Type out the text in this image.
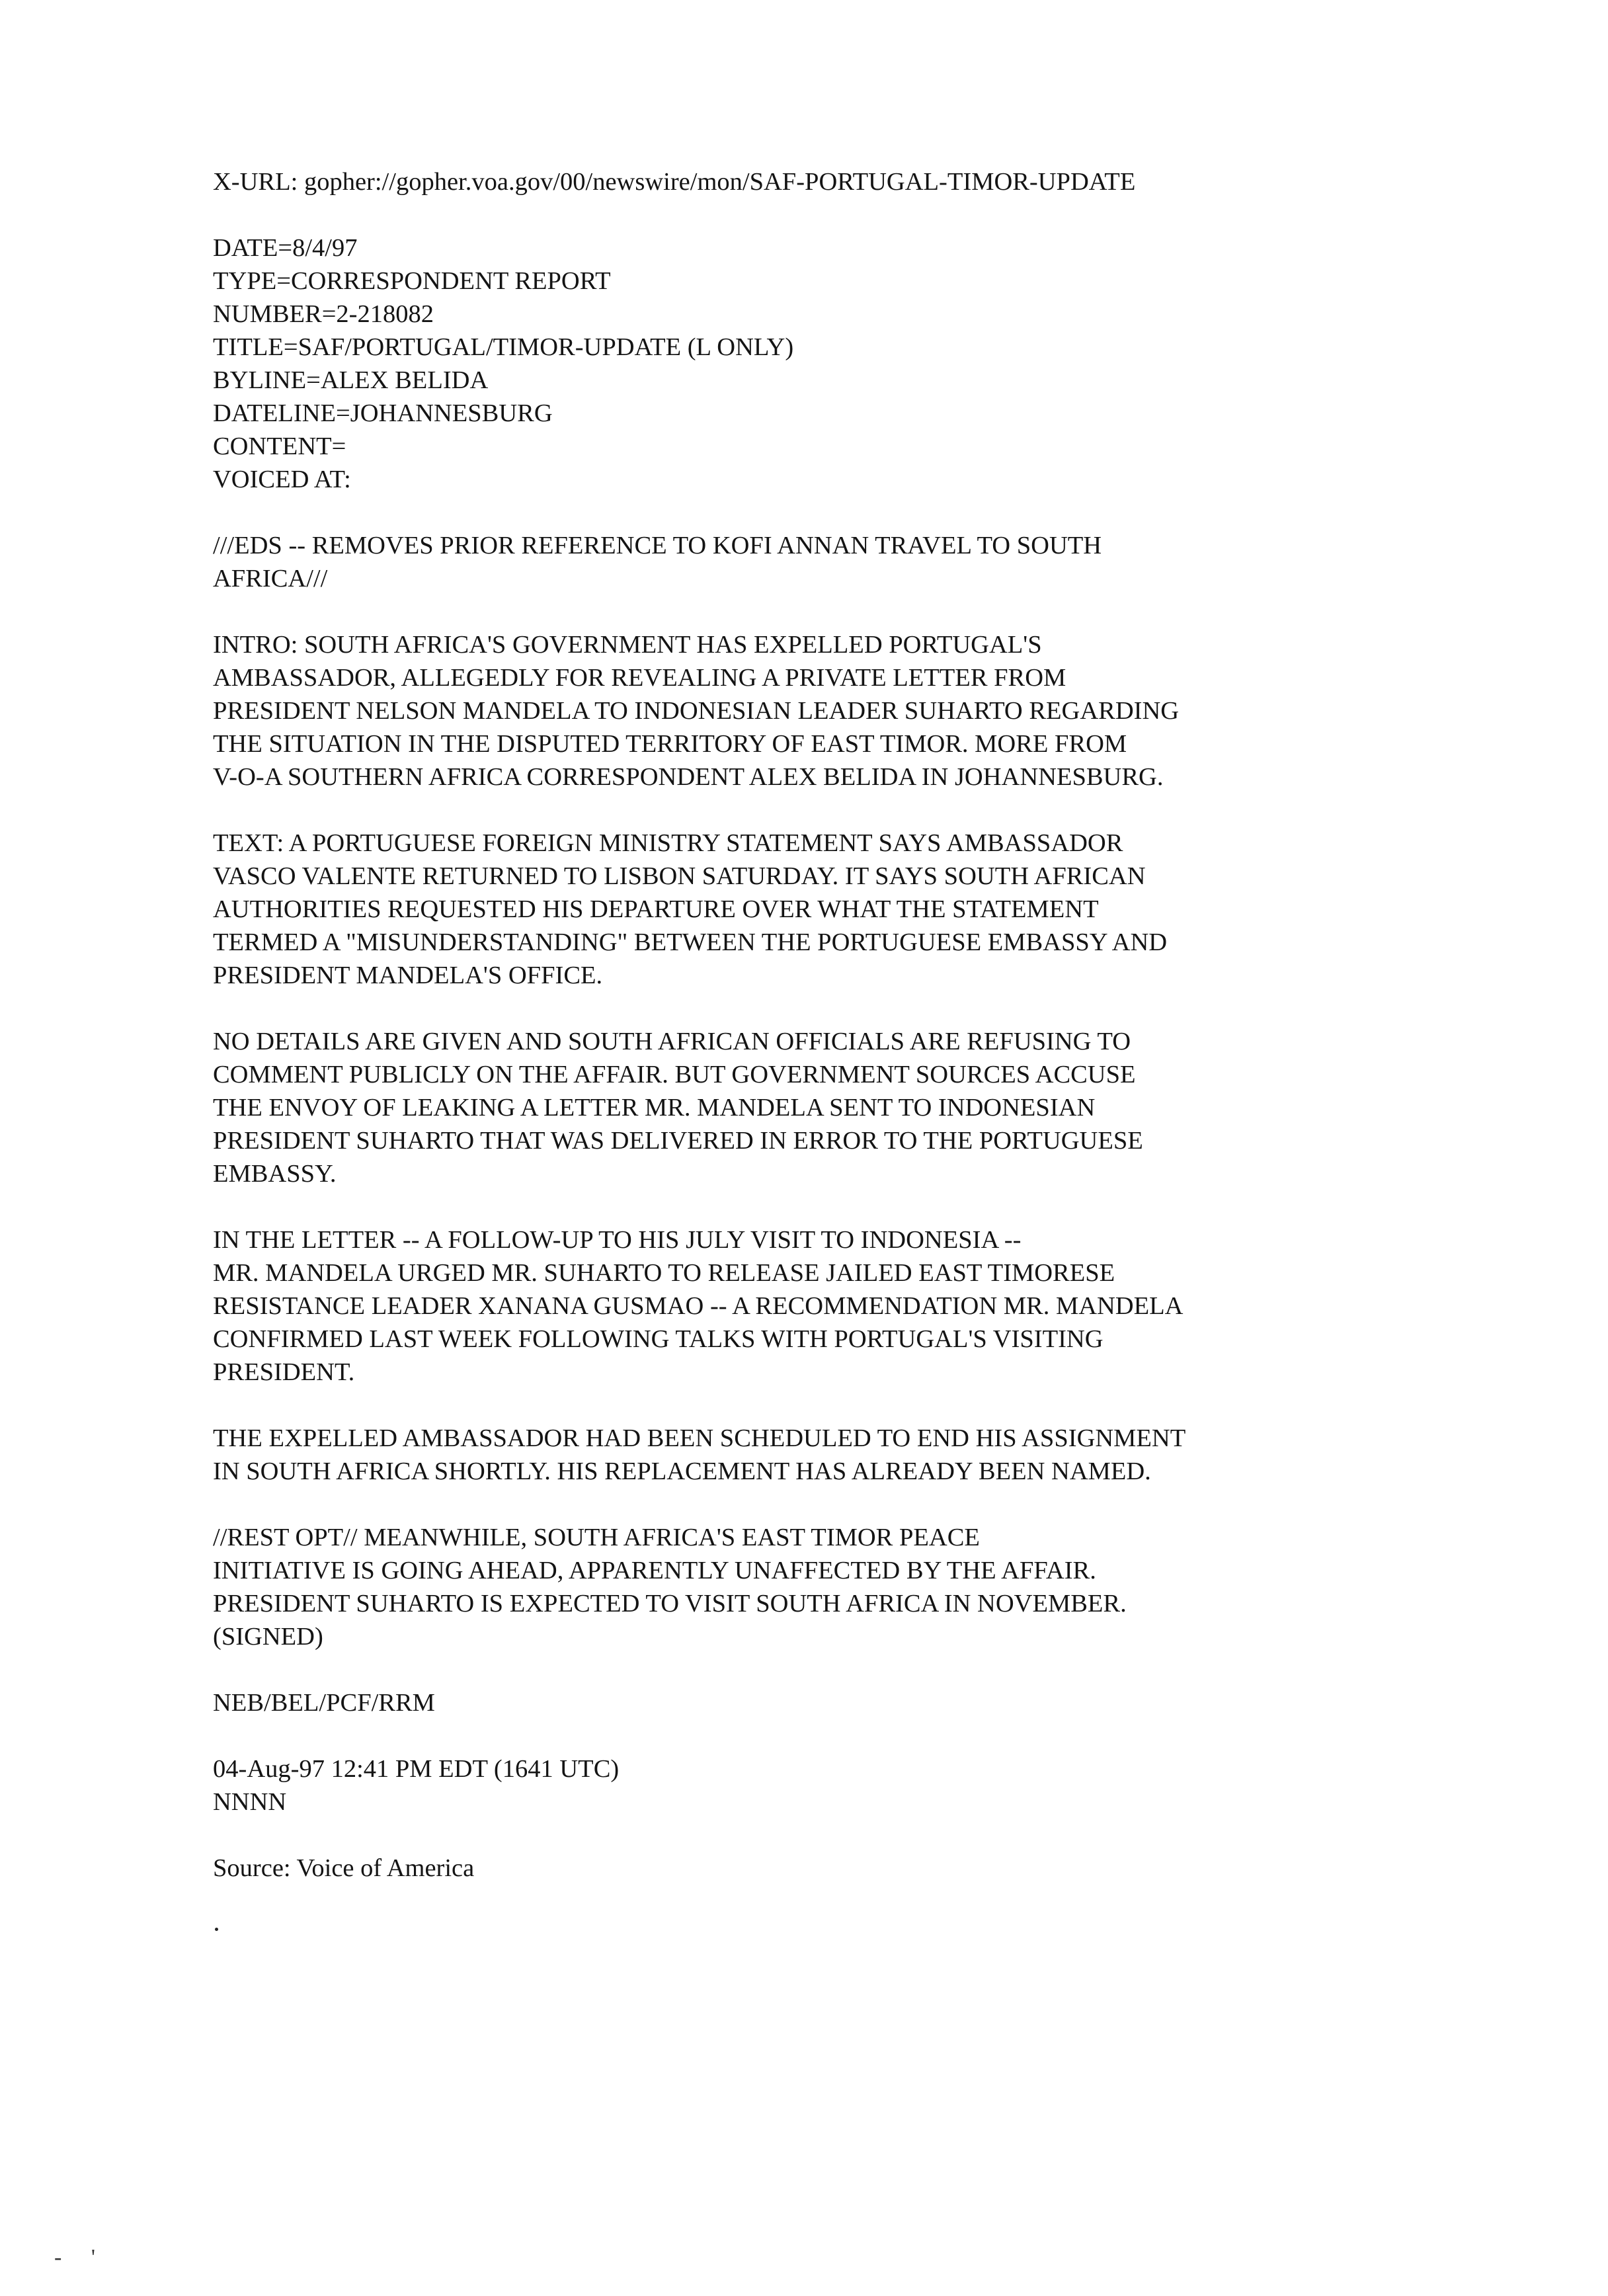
X-URL: gopher://gopher.voa.gov/00/newswire/mon/SAF-PORTUGAL-TIMOR-UPDATE
DATE=8/4/97
TYPE=CORRESPONDENT REPORT
NUMBER=2-218082
TITLE=SAF/PORTUGAL/TIMOR-UPDATE (L ONLY)
BYLINE=ALEX BELIDA
DATELINE=JOHANNESBURG
CONTENT=
VOICED AT:
///EDS -- REMOVES PRIOR REFERENCE TO KOFI ANNAN TRAVEL TO SOUTH
AFRICA///
INTRO: SOUTH AFRICA'S GOVERNMENT HAS EXPELLED PORTUGAL'S
AMBASSADOR, ALLEGEDLY FOR REVEALING A PRIVATE LETTER FROM
PRESIDENT NELSON MANDELA TO INDONESIAN LEADER SUHARTO REGARDING
THE SITUATION IN THE DISPUTED TERRITORY OF EAST TIMOR. MORE FROM
V-O-A SOUTHERN AFRICA CORRESPONDENT ALEX BELIDA IN JOHANNESBURG.
TEXT: A PORTUGUESE FOREIGN MINISTRY STATEMENT SAYS AMBASSADOR
VASCO VALENTE RETURNED TO LISBON SATURDAY. IT SAYS SOUTH AFRICAN
AUTHORITIES REQUESTED HIS DEPARTURE OVER WHAT THE STATEMENT
TERMED A "MISUNDERSTANDING" BETWEEN THE PORTUGUESE EMBASSY AND
PRESIDENT MANDELA'S OFFICE.
NO DETAILS ARE GIVEN AND SOUTH AFRICAN OFFICIALS ARE REFUSING TO
COMMENT PUBLICLY ON THE AFFAIR. BUT GOVERNMENT SOURCES ACCUSE
THE ENVOY OF LEAKING A LETTER MR. MANDELA SENT TO INDONESIAN
PRESIDENT SUHARTO THAT WAS DELIVERED IN ERROR TO THE PORTUGUESE
EMBASSY.
IN THE LETTER -- A FOLLOW-UP TO HIS JULY VISIT TO INDONESIA --
MR. MANDELA URGED MR. SUHARTO TO RELEASE JAILED EAST TIMORESE
RESISTANCE LEADER XANANA GUSMAO -- A RECOMMENDATION MR. MANDELA
CONFIRMED LAST WEEK FOLLOWING TALKS WITH PORTUGAL'S VISITING
PRESIDENT.
THE EXPELLED AMBASSADOR HAD BEEN SCHEDULED TO END HIS ASSIGNMENT
IN SOUTH AFRICA SHORTLY. HIS REPLACEMENT HAS ALREADY BEEN NAMED.
//REST OPT// MEANWHILE, SOUTH AFRICA'S EAST TIMOR PEACE
INITIATIVE IS GOING AHEAD, APPARENTLY UNAFFECTED BY THE AFFAIR.
PRESIDENT SUHARTO IS EXPECTED TO VISIT SOUTH AFRICA IN NOVEMBER.
(SIGNED)
NEB/BEL/PCF/RRM
04-Aug-97 12:41 PM EDT (1641 UTC)
NNNN
Source: Voice of America
- '
